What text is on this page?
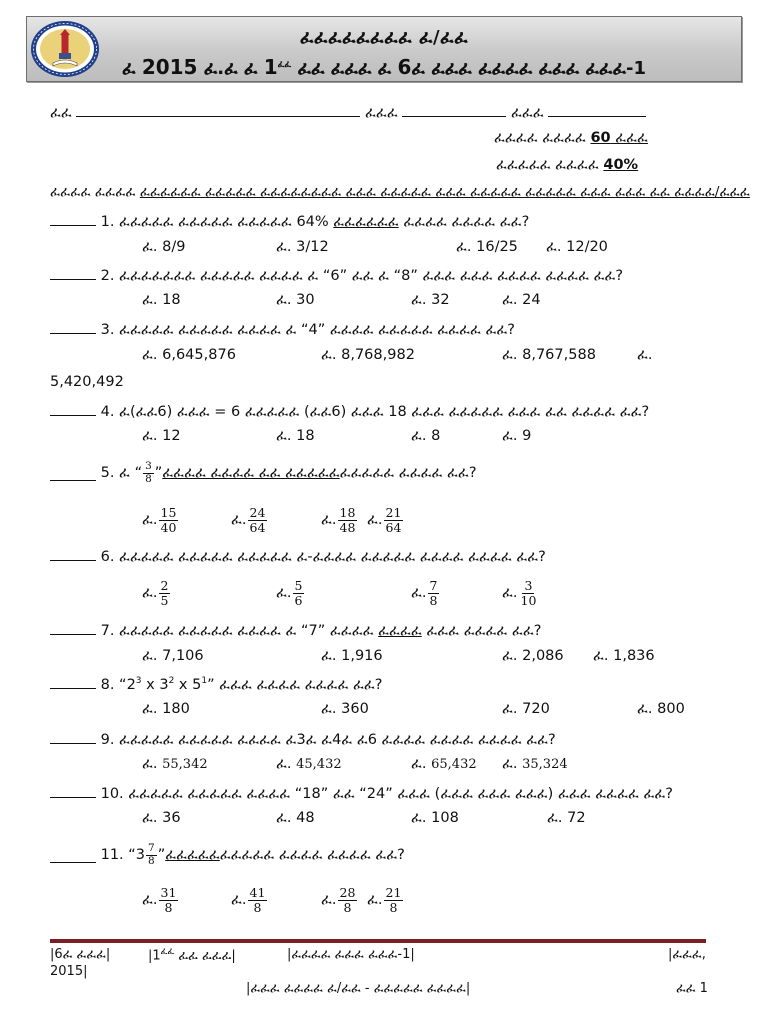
ፈፈፈፈፈፈፈፈ ፈ/ፈፈ
ፈ 2015 ፈ.ፈ ፈ $1^{ፈፈ}$ ፈፈ ፈፈፈ ፈ 6ፈ ፈፈፈ ፈፈፈፈ ፈፈፈ ፈፈፈ-1
ፈፈ	ፈፈፈ	ፈፈፈ
ፈፈፈፈ ፈፈፈፈ 60 ፈፈፈ
ፈፈፈፈፈ ፈፈፈፈ 40%
ፈፈፈፈ ፈፈፈፈ ፈፈፈፈፈፈ ፈፈፈፈፈ ፈፈፈፈፈፈፈፈ ፈፈፈ ፈፈፈፈፈ ፈፈፈ ፈፈፈፈፈ ፈፈፈፈፈ ፈፈፈ ፈፈፈ ፈፈ ፈፈፈፈ/ፈፈፈ
1. ፈፈፈፈፈ ፈፈፈፈፈ ፈፈፈፈፈ 64% ፈፈፈፈፈፈ ፈፈፈፈ ፈፈፈፈ ፈፈ?
ፈ. 8/9	ፈ. 3/12	ፈ. 16/25 ፈ. 12/20
2. ፈፈፈፈፈፈፈ ፈፈፈፈፈ ፈፈፈፈ ፈ “6” ፈፈ ፈ “8” ፈፈፈ ፈፈፈ ፈፈፈፈ ፈፈፈፈ ፈፈ?
ፈ. 18	ፈ. 30	ፈ. 32	ፈ. 24
3. ፈፈፈፈፈ ፈፈፈፈፈ ፈፈፈፈ ፈ “4” ፈፈፈፈ ፈፈፈፈፈ ፈፈፈፈ ፈፈ?
ፈ. 6,645,876	ፈ. 8,768,982	ፈ. 8,767,588	ፈ.
5,420,492
4. ፈ(ፈፈ6) ፈፈፈ = 6 ፈፈፈፈፈ (ፈፈ6) ፈፈፈ 18 ፈፈፈ ፈፈፈፈፈ ፈፈፈ ፈፈ ፈፈፈፈ ፈፈ?
ፈ. 12	ፈ. 18	ፈ. 8	ፈ. 9

5. ፈ “ $\frac{3}{8}$ ” ፈፈፈፈ ፈፈፈፈ ፈፈ ፈፈፈፈፈ ፈፈፈፈፈ ፈፈፈፈ ፈፈ?
ፈ. $\frac{15}{40}$	ፈ. $\frac{24}{64}$	ፈ. $\frac{18}{48}$ ፈ. $\frac{21}{64}$
6. ፈፈፈፈፈ ፈፈፈፈፈ ፈፈፈፈፈ ፈ-ፈፈፈፈ ፈፈፈፈፈ ፈፈፈፈ ፈፈፈፈ ፈፈ?
ፈ. $\frac{2}{5}$	ፈ. $\frac{5}{6}$	ፈ. $\frac{7}{8}$	ፈ. $\frac{3}{10}$
7. ፈፈፈፈፈ ፈፈፈፈፈ ፈፈፈፈ ፈ “7” ፈፈፈፈ ፈፈፈፈ ፈፈፈ ፈፈፈፈ ፈፈ?
ፈ. 7,106	ፈ. 1,916	ፈ. 2,086 ፈ. 1,836
8. “$2^3$ x $3^2$ x $5^1$” ፈፈፈ ፈፈፈፈ ፈፈፈፈ ፈፈ?
ፈ. 180	ፈ. 360	ፈ. 720	ፈ. 800
9. ፈፈፈፈፈ ፈፈፈፈፈ ፈፈፈፈ ፈ3ፈ ፈ4ፈ ፈ6 ፈፈፈፈ ፈፈፈፈ ፈፈፈፈ ፈፈ?
ፈ. 55,342	ፈ. 45,432	ፈ. 65,432 ፈ. 35,324
10. ፈፈፈፈፈ ፈፈፈፈፈ ፈፈፈፈ “18” ፈፈ “24” ፈፈፈ (ፈፈፈ ፈፈፈ ፈፈፈ) ፈፈፈ ፈፈፈፈ ፈፈ?
ፈ. 36	ፈ. 48	ፈ. 108	ፈ. 72

11. “$3 \frac{7}{8}$ ” ፈፈፈፈፈ ፈፈፈፈፈ ፈፈፈፈ ፈፈፈፈ ፈፈ?
ፈ. $\frac{31}{8}$	ፈ. $\frac{41}{8}$	ፈ. $\frac{28}{8}$ ፈ. $\frac{21}{8}$
|6ፈ ፈፈፈ|	$|1^{ፈፈ}$ ፈፈ ፈፈፈ|	|ፈፈፈፈ ፈፈፈ ፈፈፈ-1|	|ፈፈፈ,
2015|
|ፈፈፈ ፈፈፈፈ ፈ/ፈፈ - ፈፈፈፈፈ ፈፈፈፈ|	ፈፈ 1
